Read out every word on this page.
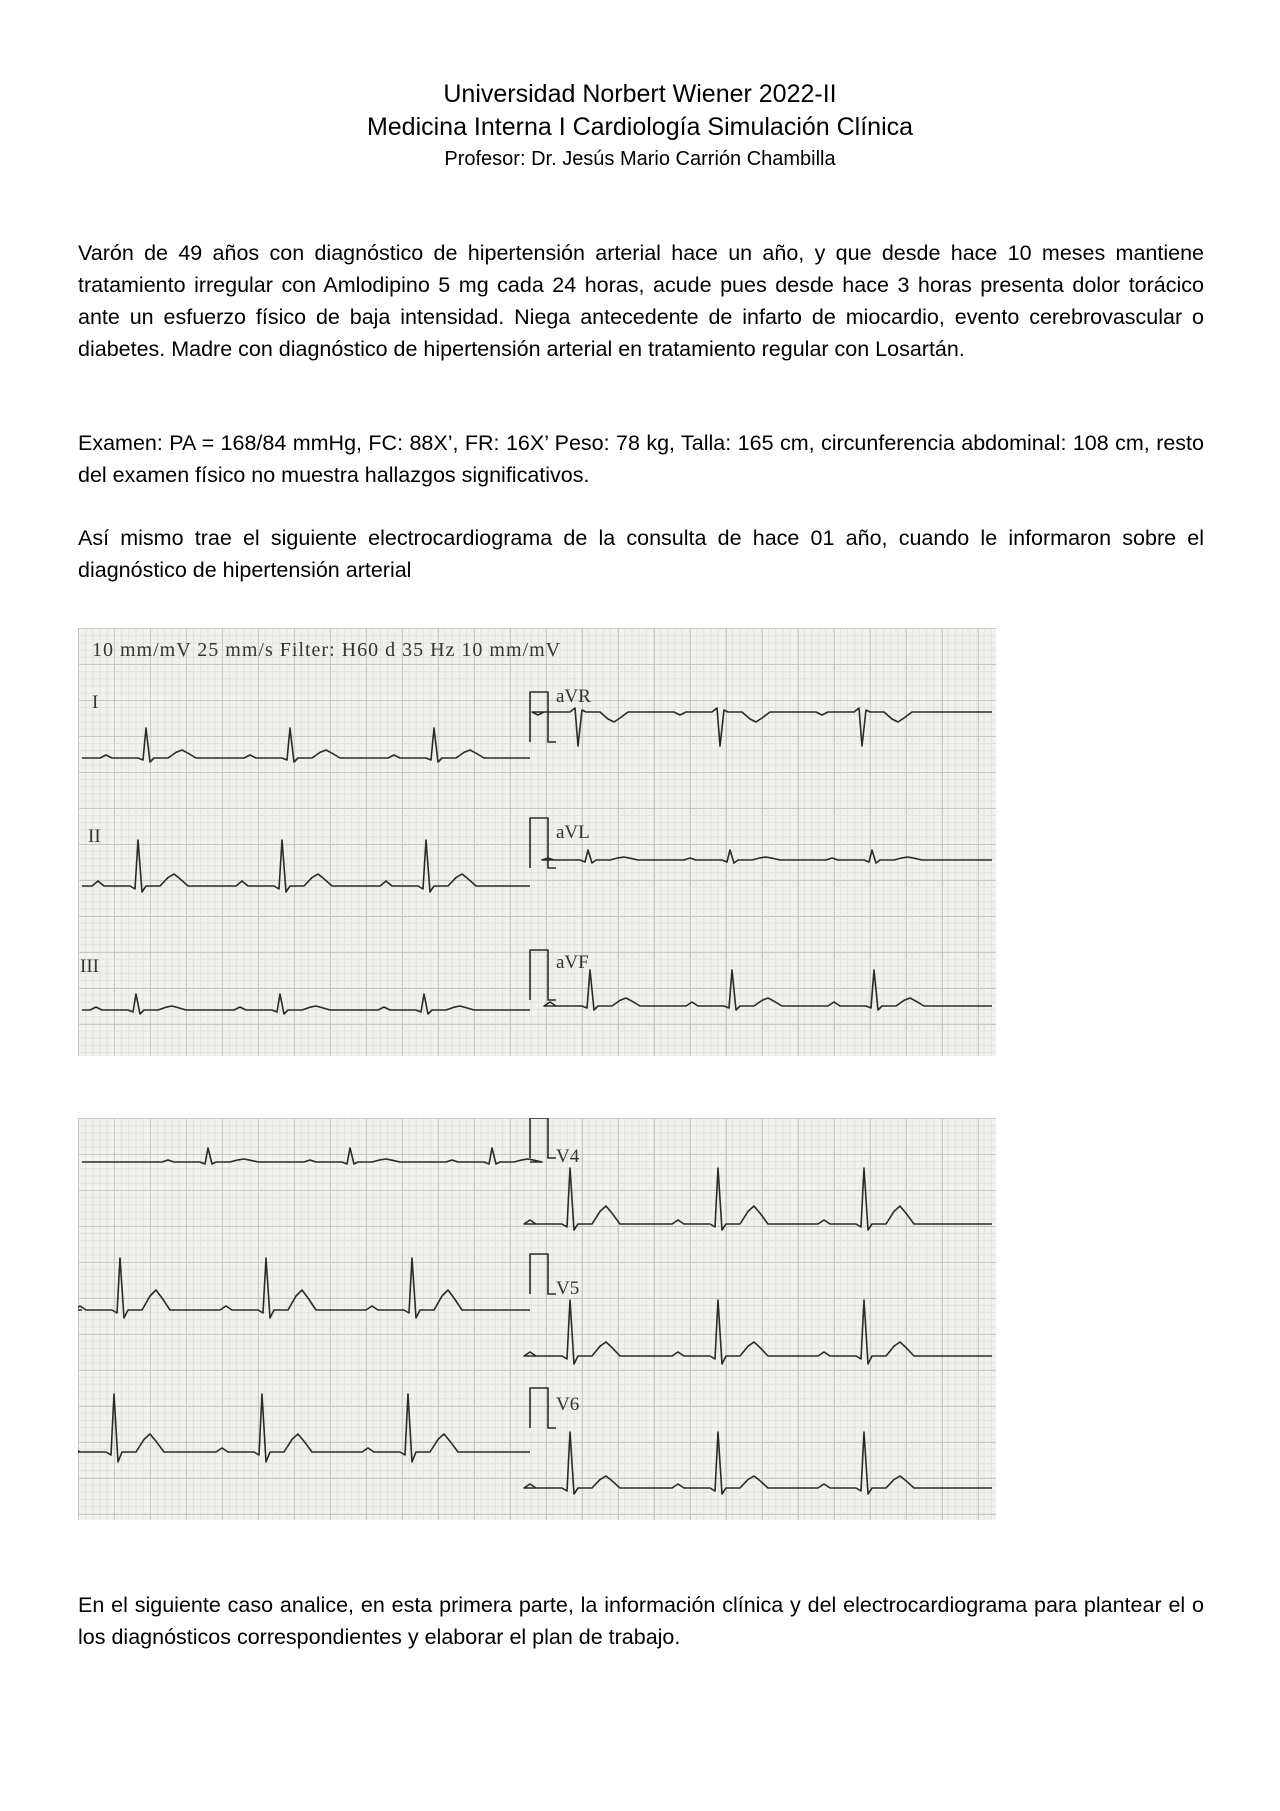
Universidad Norbert Wiener 2022-II
Medicina Interna I Cardiología Simulación Clínica
Profesor: Dr. Jesús Mario Carrión Chambilla

Varón de 49 años con diagnóstico de hipertensión arterial hace un año, y que desde hace 10 meses mantiene tratamiento irregular con Amlodipino 5 mg cada 24 horas, acude pues desde hace 3 horas presenta dolor torácico ante un esfuerzo físico de baja intensidad. Niega antecedente de infarto de miocardio, evento cerebrovascular o diabetes. Madre con diagnóstico de hipertensión arterial en tratamiento regular con Losartán.

Examen: PA = 168/84 mmHg, FC: 88X’, FR: 16X’ Peso: 78 kg, Talla: 165 cm, circunferencia abdominal: 108 cm, resto del examen físico no muestra hallazgos significativos.

Así mismo trae el siguiente electrocardiograma de la consulta de hace 01 año, cuando le informaron sobre el diagnóstico de hipertensión arterial

10 mm/mV 25 mm/s Filter: H60 d 35 Hz 10 mm/mV
I
II
III
aVR
aVL
aVF
V4
V5
V6

En el siguiente caso analice, en esta primera parte, la información clínica y del electrocardiograma para plantear el o los diagnósticos correspondientes y elaborar el plan de trabajo.
